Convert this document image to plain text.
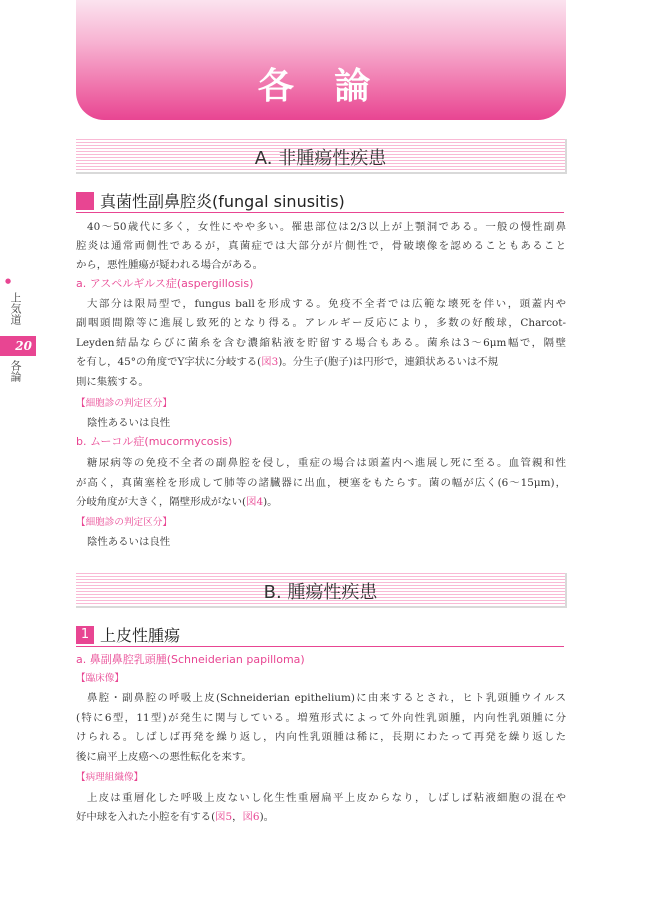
各 論
●
上気道
20
各論
A. 非腫瘍性疾患
真菌性副鼻腔炎(fungal sinusitis)
40〜50歳代に多く，女性にやや多い。罹患部位は2/3以上が上顎洞である。一般の慢性副鼻
腔炎は通常両側性であるが，真菌症では大部分が片側性で，骨破壊像を認めることもあること
から，悪性腫瘍が疑われる場合がある。
a. アスペルギルス症(aspergillosis)
大部分は限局型で，fungus ballを形成する。免疫不全者では広範な壊死を伴い，頭蓋内や
副咽頭間隙等に進展し致死的となり得る。アレルギー反応により，多数の好酸球，Charcot-
Leyden結晶ならびに菌糸を含む濃縮粘液を貯留する場合もある。菌糸は3〜6μm幅で，隔壁
を有し，45°の角度でY字状に分岐する(図3)。分生子(胞子)は円形で，連鎖状あるいは不規
則に集簇する。
【細胞診の判定区分】
陰性あるいは良性
b. ムーコル症(mucormycosis)
糖尿病等の免疫不全者の副鼻腔を侵し，重症の場合は頭蓋内へ進展し死に至る。血管親和性
が高く，真菌塞栓を形成して肺等の諸臓器に出血，梗塞をもたらす。菌の幅が広く(6〜15μm)，
分岐角度が大きく，隔壁形成がない(図4)。
【細胞診の判定区分】
陰性あるいは良性
B. 腫瘍性疾患
1 上皮性腫瘍
a. 鼻副鼻腔乳頭腫(Schneiderian papilloma)
【臨床像】
鼻腔・副鼻腔の呼吸上皮(Schneiderian epithelium)に由来するとされ，ヒト乳頭腫ウイルス
(特に6型，11型)が発生に関与している。増殖形式によって外向性乳頭腫，内向性乳頭腫に分
けられる。しばしば再発を繰り返し，内向性乳頭腫は稀に，長期にわたって再発を繰り返した
後に扁平上皮癌への悪性転化を来す。
【病理組織像】
上皮は重層化した呼吸上皮ないし化生性重層扁平上皮からなり，しばしば粘液細胞の混在や
好中球を入れた小腔を有する(図5，図6)。
